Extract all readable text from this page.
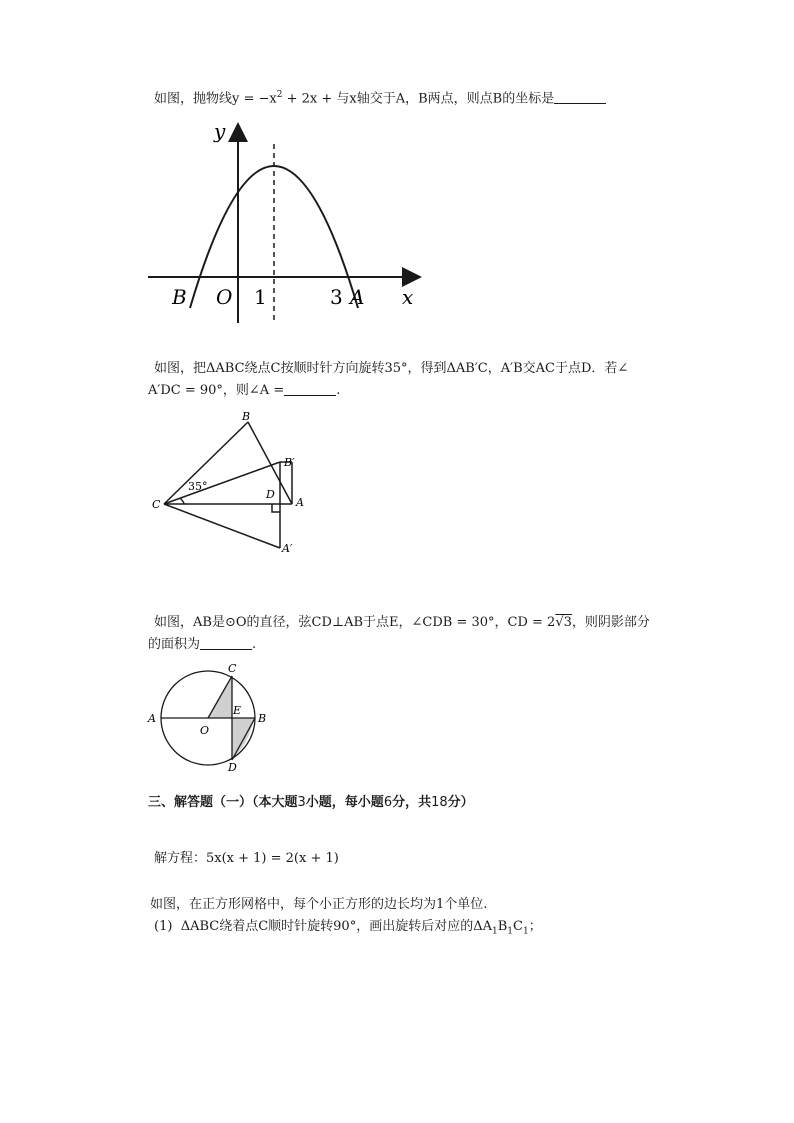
如图，抛物线$y = -x^2 + 2x$ + 与x轴交于A，B两点，则点B的坐标是
y
x
B O 1	3 A
如图，把ΔABC绕点C按顺时针方向旋转35°，得到ΔAB′C，A′B交AC于点D．若∠
A′DC = 90°，则∠A =	.
B
B′
C
D
A
A′
35°
如图，AB是⊙O的直径，弦CD⊥AB于点E，∠CDB = 30°，CD = 2√3，则阴影部分
的面积为	.
A
O
E
B
C
D
三、解答题（一）（本大题3小题，每小题6分，共18分）
解方程：5x(x + 1) = 2(x + 1)
如图，在正方形网格中，每个小正方形的边长均为1个单位.
(1) ΔABC绕着点C顺时针旋转90°，画出旋转后对应的$\Delta A_1B_1C_1$；
